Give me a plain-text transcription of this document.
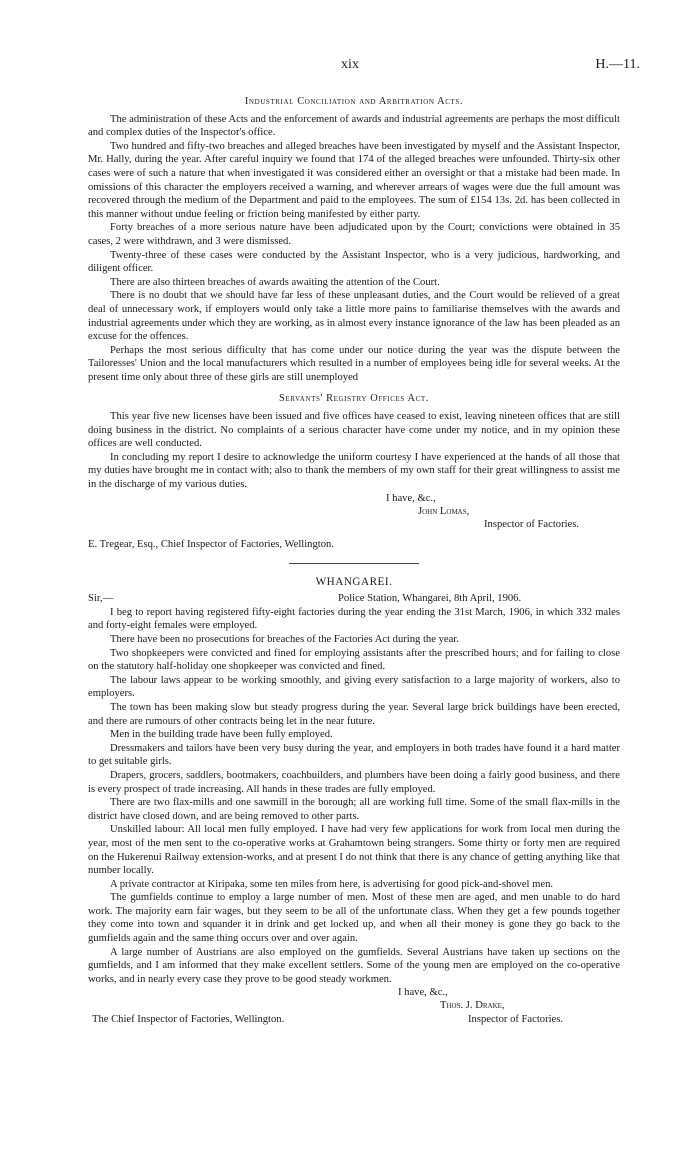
xix	H.—11.
Industrial Conciliation and Arbitration Acts.

The administration of these Acts and the enforcement of awards and industrial agreements are perhaps the most difficult and complex duties of the Inspector's office.

Two hundred and fifty-two breaches and alleged breaches have been investigated by myself and the Assistant Inspector, Mr. Hally, during the year. After careful inquiry we found that 174 of the alleged breaches were unfounded. Thirty-six other cases were of such a nature that when investigated it was considered either an oversight or that a mistake had been made. In omissions of this character the employers received a warning, and wherever arrears of wages were due the full amount was recovered through the medium of the Department and paid to the employees. The sum of £154 13s. 2d. has been collected in this manner without undue feeling or friction being manifested by either party.

Forty breaches of a more serious nature have been adjudicated upon by the Court; convictions were obtained in 35 cases, 2 were withdrawn, and 3 were dismissed.

Twenty-three of these cases were conducted by the Assistant Inspector, who is a very judicious, hardworking, and diligent officer.

There are also thirteen breaches of awards awaiting the attention of the Court.

There is no doubt that we should have far less of these unpleasant duties, and the Court would be relieved of a great deal of unnecessary work, if employers would only take a little more pains to familiarise themselves with the awards and industrial agreements under which they are working, as in almost every instance ignorance of the law has been pleaded as an excuse for the offences.

Perhaps the most serious difficulty that has come under our notice during the year was the dispute between the Tailoresses' Union and the local manufacturers which resulted in a number of employees being idle for several weeks. At the present time only about three of these girls are still unemployed

Servants' Registry Offices Act.

This year five new licenses have been issued and five offices have ceased to exist, leaving nineteen offices that are still doing business in the district. No complaints of a serious character have come under my notice, and in my opinion these offices are well conducted.

In concluding my report I desire to acknowledge the uniform courtesy I have experienced at the hands of all those that my duties have brought me in contact with; also to thank the members of my own staff for their great willingness to assist me in the discharge of my various duties.

I have, &c.,
John Lomas,
Inspector of Factories.

E. Tregear, Esq., Chief Inspector of Factories, Wellington.

WHANGAREI.
Sir,—	Police Station, Whangarei, 8th April, 1906.

I beg to report having registered fifty-eight factories during the year ending the 31st March, 1906, in which 332 males and forty-eight females were employed.

There have been no prosecutions for breaches of the Factories Act during the year.

Two shopkeepers were convicted and fined for employing assistants after the prescribed hours; and for failing to close on the statutory half-holiday one shopkeeper was convicted and fined.

The labour laws appear to be working smoothly, and giving every satisfaction to a large majority of workers, also to employers.

The town has been making slow but steady progress during the year. Several large brick buildings have been erected, and there are rumours of other contracts being let in the near future.

Men in the building trade have been fully employed.

Dressmakers and tailors have been very busy during the year, and employers in both trades have found it a hard matter to get suitable girls.

Drapers, grocers, saddlers, bootmakers, coachbuilders, and plumbers have been doing a fairly good business, and there is every prospect of trade increasing. All hands in these trades are fully employed.

There are two flax-mills and one sawmill in the borough; all are working full time. Some of the small flax-mills in the district have closed down, and are being removed to other parts.

Unskilled labour: All local men fully employed. I have had very few applications for work from local men during the year, most of the men sent to the co-operative works at Grahamtown being strangers. Some thirty or forty men are required on the Hukerenui Railway extension-works, and at present I do not think that there is any chance of getting anything like that number locally.

A private contractor at Kiripaka, some ten miles from here, is advertising for good pick-and-shovel men.

The gumfields continue to employ a large number of men. Most of these men are aged, and men unable to do hard work. The majority earn fair wages, but they seem to be all of the unfortunate class. When they get a few pounds together they come into town and squander it in drink and get locked up, and when all their money is gone they go back to the gumfields again and the same thing occurs over and over again.

A large number of Austrians are also employed on the gumfields. Several Austrians have taken up sections on the gumfields, and I am informed that they make excellent settlers. Some of the young men are employed on the co-operative works, and in nearly every case they prove to be good steady workmen.

I have, &c.,
Thos. J. Drake,
The Chief Inspector of Factories, Wellington.	Inspector of Factories.
